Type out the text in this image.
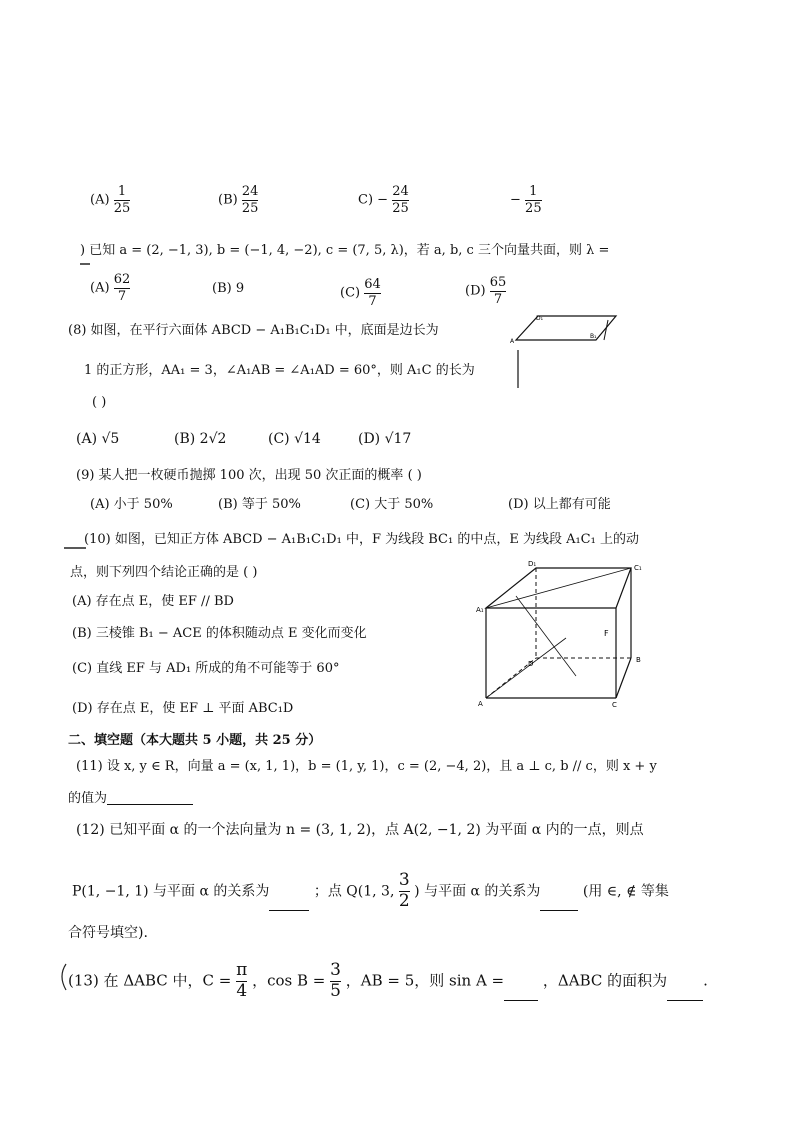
$(A) \frac{1}{25}$	$(B) \frac{24}{25}$	$C) - \frac{24}{25}$	− $\frac{1}{25}$
) 已知 a = (2, −1, 3), b = (−1, 4, −2), c = (7, 5, λ)，若 a, b, c 三个向量共面，则 λ =
$(A) \frac{62}{7}$	(B) 9	$(C) \frac{64}{7}$	$(D) \frac{65}{7}$
(8) 如图，在平行六面体 ABCD − A₁B₁C₁D₁ 中，底面是边长为
1 的正方形，AA₁ = 3，∠A₁AB = ∠A₁AD = 60°，则 A₁C 的长为
( )
(A) √5	(B) 2√2	(C) √14	(D) √17
D₁
B₁
A
(9) 某人把一枚硬币抛掷 100 次，出现 50 次正面的概率 ( )
(A) 小于 50%	(B) 等于 50%	(C) 大于 50%	(D) 以上都有可能
(10) 如图，已知正方体 ABCD − A₁B₁C₁D₁ 中，F 为线段 BC₁ 的中点，E 为线段 A₁C₁ 上的动
点，则下列四个结论正确的是 ( )
(A) 存在点 E，使 EF // BD
(B) 三棱锥 B₁ − ACE 的体积随动点 E 变化而变化
(C) 直线 EF 与 AD₁ 所成的角不可能等于 60°
(D) 存在点 E，使 EF ⊥ 平面 ABC₁D
A₁
C₁
D₁
F
A
D	B
C
二、填空题（本大题共 5 小题，共 25 分）
(11) 设 x, y ∈ R，向量 a = (x, 1, 1)，b = (1, y, 1)，c = (2, −4, 2)，且 a ⊥ c, b // c，则 x + y
的值为
(12) 已知平面 α 的一个法向量为 n = (3, 1, 2)，点 A(2, −1, 2) 为平面 α 内的一点，则点
P(1, −1, 1) 与平面 α 的关系为	；点 Q(1, 3, $\frac{3}{2}$ ) 与平面 α 的关系为	(用 ∈, ∉ 等集
合符号填空).
(13) 在 ΔABC 中，$C = \frac{\pi}{4}$ ，$\cos B = \frac{3}{5}$ ，AB = 5，则 sin A =	，ΔABC 的面积为 .
